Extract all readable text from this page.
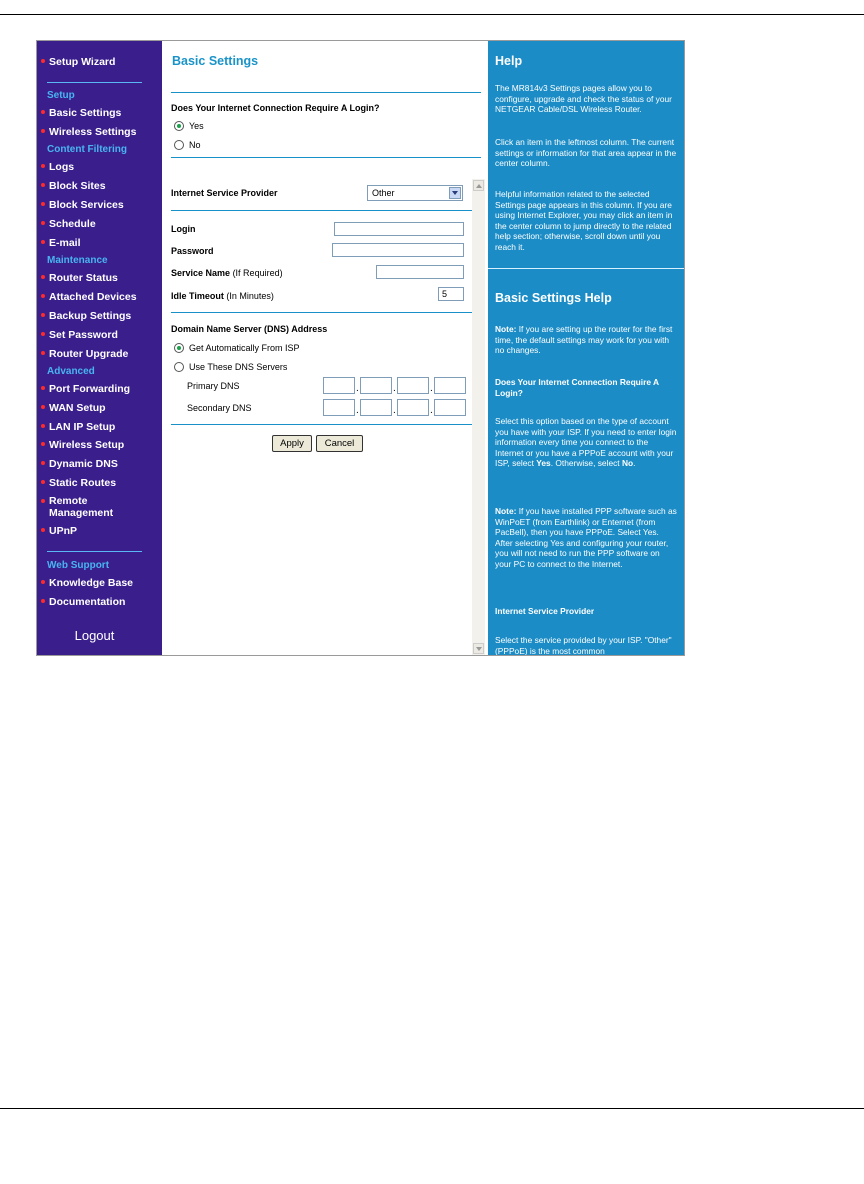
Setup Wizard
Setup
Basic Settings
Wireless Settings
Content Filtering
Logs
Block Sites
Block Services
Schedule
E-mail
Maintenance
Router Status
Attached Devices
Backup Settings
Set Password
Router Upgrade
Advanced
Port Forwarding
WAN Setup
LAN IP Setup
Wireless Setup
Dynamic DNS
Static Routes
Remote Management
UPnP
Web Support
Knowledge Base
Documentation
Logout
Basic Settings
Does Your Internet Connection Require A Login?
Yes
No
Internet Service Provider	Other
Login
Password
Service Name (If Required)
Idle Timeout (In Minutes)	5
Domain Name Server (DNS) Address
Get Automatically From ISP
Use These DNS Servers
Primary DNS	.	.	.
Secondary DNS	.	.	.
Apply	Cancel
Help
The MR814v3 Settings pages allow you to configure, upgrade and check the status of your NETGEAR Cable/DSL Wireless Router.
Click an item in the leftmost column. The current settings or information for that area appear in the center column.
Helpful information related to the selected Settings page appears in this column. If you are using Internet Explorer, you may click an item in the center column to jump directly to the related help section; otherwise, scroll down until you reach it.
Basic Settings Help
Note: If you are setting up the router for the first time, the default settings may work for you with no changes.
Does Your Internet Connection Require A Login?
Select this option based on the type of account you have with your ISP. If you need to enter login information every time you connect to the Internet or you have a PPPoE account with your ISP, select Yes. Otherwise, select No.
Note: If you have installed PPP software such as WinPoET (from Earthlink) or Enternet (from PacBell), then you have PPPoE. Select Yes. After selecting Yes and configuring your router, you will not need to run the PPP software on your PC to connect to the Internet.
Internet Service Provider
Select the service provided by your ISP. "Other" (PPPoE) is the most common
